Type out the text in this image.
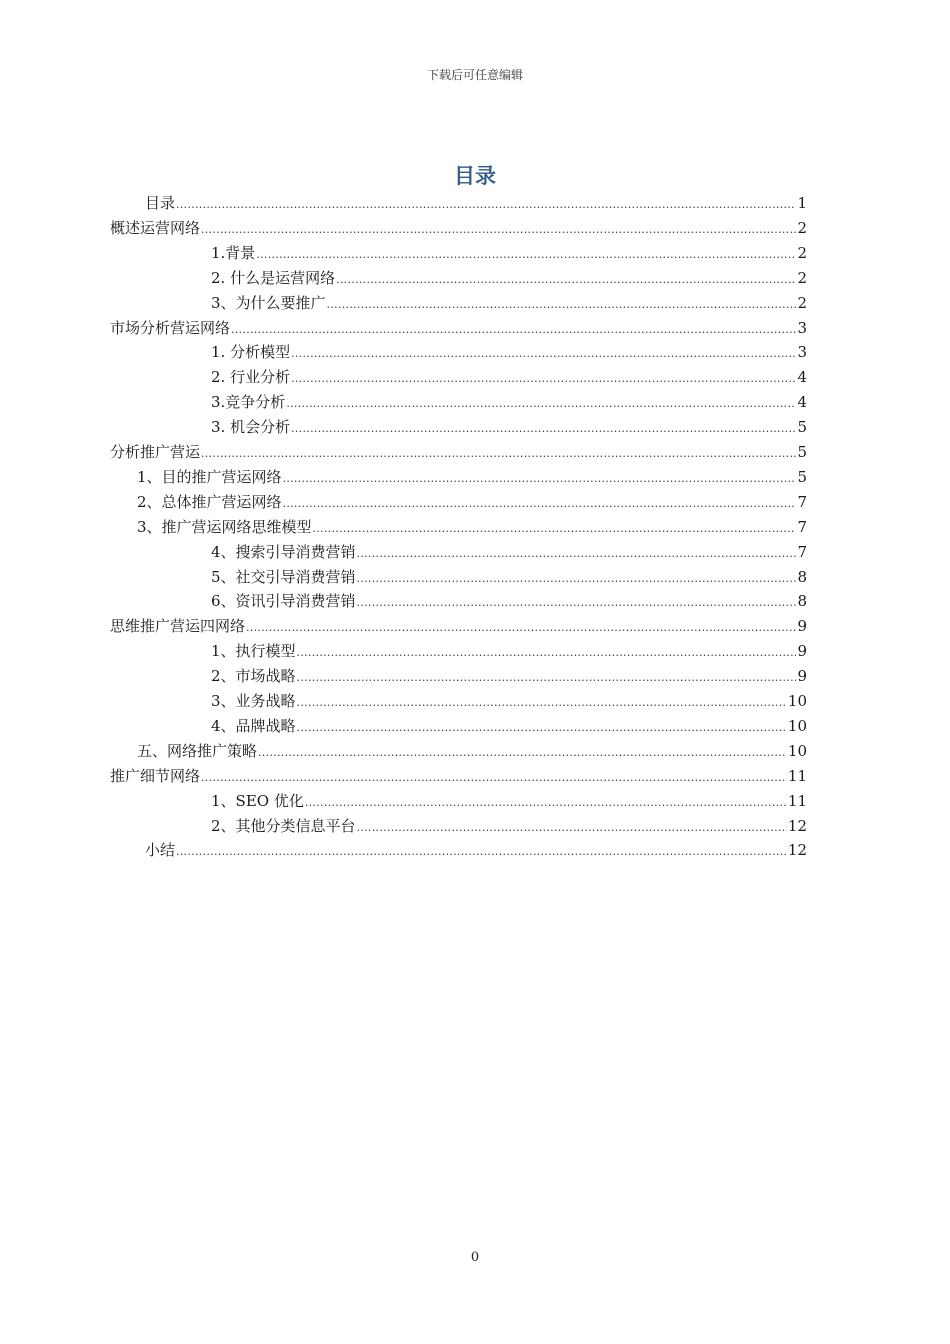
下载后可任意编辑
目录
目录 .....	1
概述运营网络 .....	2
1.背景 .....	2
2. 什么是运营网络 .....	2
3、为什么要推广 .....	2
市场分析营运网络 .....	3
1. 分析模型 .....	3
2. 行业分析 .....	4
3.竞争分析 .....	4
3. 机会分析 .....	5
分析推广营运 .....	5
1、目的推广营运网络 .....	5
2、总体推广营运网络 .....	7
3、推广营运网络思维模型 .....	7
4、搜索引导消费营销 .....	7
5、社交引导消费营销 .....	8
6、资讯引导消费营销 .....	8
思维推广营运四网络 .....	9
1、执行模型 .....	9
2、市场战略 .....	9
3、业务战略 .....	10
4、品牌战略 .....	10
五、网络推广策略 .....	10
推广细节网络 .....	11
1、SEO 优化 .....	11
2、其他分类信息平台 .....	12
小结 .....	12
0
